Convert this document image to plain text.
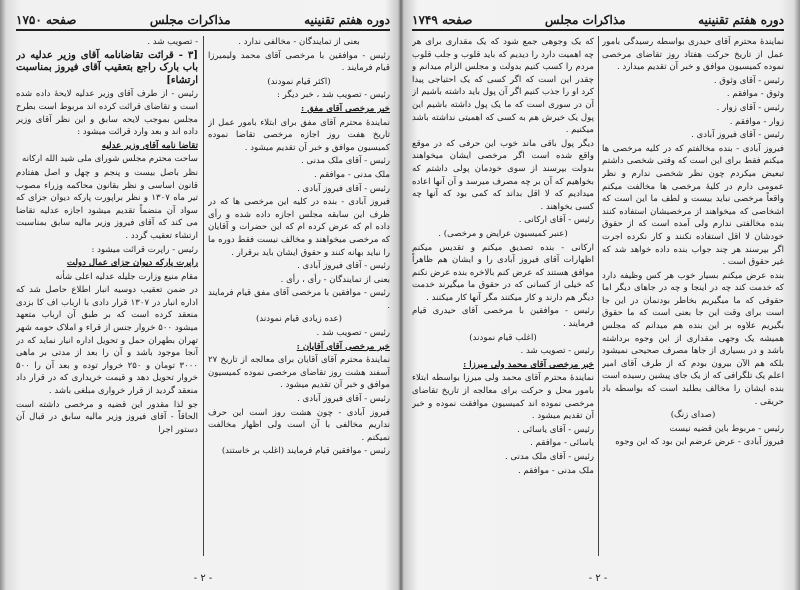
دوره هفتم تقنينيه
مذاکرات مجلس
صفحه ۱۷۵۰

بعنی از تمایندگان - مخالفی ندارد .

رئیس - موافقین با مرخصی آقای محمد ولیمیرزا قیام فرمایند .

(اکثر قیام نمودند)

رئیس - تصویب شد ، خبر دیگر :

خبر مرخصی آقای مفق :

نمایندهٔ محترم آقای مفق برای ابتلاء بامور عمل از تاریخ هفت روز اجازه مرخصی تقاضا نموده کمیسیون موافق و خبر آن تقدیم میشود .

رئیس - آقای ملک مدنی .

ملک مدنی - موافقم .

رئیس - آقای فیروز آبادی .

فیروز آبادی - بنده در کلیه این مرخصی ها که در ظرف این سابقه مجلس اجازه داده شده و رأی داده ام که عرض کرده ام که این حضرات و آقایان که مرخصی میخواهند و مخالف نیست فقط دوره ما را نباید بهانه کنند و حقوق ایشان باید برقرار .

رئیس - آقای فیروز آبادی .

بعنی از تمایندگان - رأی ، رأی .

رئیس - موافقین با مرخصی آقای مفق قیام فرمایند .

(عده زیادی قیام نمودند)

رئیس - تصویب شد .

خبر مرخصی آقای آقایان :

نمایندهٔ محترم آقای آقایان برای معالجه از تاریخ ۲۷ آسفند هشت روز تقاضای مرخصی نموده کمیسیون موافق و خبر آن تقدیم میشود .

رئیس - آقای فیروز آبادی .

فیروز آبادی - چون هشت روز است این حرف نداریم مخالفی با آن است ولی اظهار مخالفت نمیکنم .

رئیس - موافقین قیام فرمایند (اغلب بر خاستند)

- تصویب شد .

[۳ - قرائت تقاضانامه آقای وزیر عدلیه در باب بارک راجع بتعقیب آقای فیروز بمناسبت ارتشاء]

رئیس - از طرف آقای وزیر عدلیه لایحهٔ داده شده است و تقاضای قرائت کرده اند مربوط است بطرح مجلس بموجب لایحه سابق و این نظر آقای وزیر داده اند و بعد وارد قرائت میشود :

تقاضا نامه آقای وزیر عدلیه

ساحت محترم مجلس شورای ملی شید الله ارکانه

نظر باصل بیست و پنجم و چهل و اصل هفتادم قانون اساسی و نظر بقانون محاکمه وزراء مصوب تیر ماه ۱۳۰۷ و نظر براپورت پارکه دیوان جزای که سواد آن منضماً تقدیم میشود اجازه عدلیه تقاضا می کند که آقای فیروز وزیر مالیه سابق بمناسبت ارتشاء تعقیب گردد .

رئیس - راپرت قرائت میشود :

راپرت پارکه دیوان جزای عمال دولت

مقام منیع وزارت جلیله عدلیه اعلی شأنه

در ضمن تعقیب دوسیه انبار اطلاع حاصل شد که اداره انبار در ۱۳۰۷ قرار دادی با ارباب اف کا بزدی منعقد کرده است که بر طبق آن ارباب متعهد میشود ۵۰۰ خروار جنس از قراء و املاک حومه شهر تهران بطهران حمل و تحویل اداره انبار نماید که در آنجا موجود باشد و آن را بعد از مدتی بر ماهی ۳۰۰۰ تومان و ۲۵۰ خروار توده و بعد آن را ۵۰۰ خروار تحویل دهد و قیمت خریداری که در قرار داد منعقد گردید از قرار خرواری مبلغی باشد .

جو لذا مقدور این قضیه و مرخصی داشته است الحاقاً - آقای فیروز وزیر مالیه سابق در قبال آن دستور اجرا

- ٢ -
دوره هفتم تقنينيه
مذاکرات مجلس
صفحه ۱۷۴۹

نمایندهٔ محترم آقای حیدری بواسطه رسیدگی بامور عمل از تاریخ حرکت هفتاد روز تقاضای مرخصی نموده کمیسیون موافق و خبر آن تقدیم میدارد .

رئیس - آقای وثوق .

وثوق - موافقم .

رئیس - آقای زوار .

زوار - موافقم .

رئیس - آقای فیروز آبادی .

فیروز آبادی - بنده مخالفتم که در کلیه مرخصی ها میکنم فقط برای این است که وقتی شخصی داشتم تبعیض میکردم چون نظر شخصی ندارم و نظر عمومی دارم در کلیهٔ مرخصی ها مخالفت میکنم واقعاً مرخصی نباید بیست و لطف ما این است که اشخاصی که میخواهند از مرخصیشان استفاده کنند بنده مخالفتی ندارم ولی آمده است که از حقوق خودشان لا اقل استفاده نکنند و کار نکرده اجرت اگر بپرسند هر چند جواب بنده داده خواهد شد که غیر حقوق است .

بنده عرض میکنم بسیار خوب هر کس وظیفه دارد که خدمت کند چه در اینجا و چه در جاهای دیگر اما حقوقی که ما میگیریم بخاطر بودنمان در این جا است برای وقت این جا بعنی است که ما حقوق بگیریم علاوه بر این بنده هم میدانم که مجلس همیشه یک وجهی مقداری از این وجوه برداشته باشد و در بسیاری از جاها مصرف صحیحی نمیشود بلکه هم الآن بیرون بودم که از طرف آقای امیر اعلم یک تلگرافی که از یک جای پیشین رسیده است بنده ایشان را مخالف بطلبد است که بواسطه باد حریقی .

(صدای زنگ)

رئیس - مربوط باین قضیه نیست

فیروز آبادی - عرض عرضم این بود که این وجوه

که یک وجوهی جمع شود که یک مقداری برای هر چه اهمیت دارد را دیدیم که باید قلوب و جلب قلوب مردم را کسب کنیم بدولت و مجلس الزام میدانم و چقدر این است که اگر کسی که یک احتیاجی پیدا کرد او را جذب کنیم اگر آن پول باید داشته باشیم از آن در سوری است که ما یک پول داشته باشیم این پول یک خیرش هم به کسی که اهمیتی نداشته باشد میکنیم .

دیگر پول باقی ماند خوب این حرفی که در موقع واقع شده است اگر مرخصی ایشان میخواهند بدولت بپرسند از سوی خودمان پولی داشتم که بخواهیم که آن بر چه مصرف میرسد و آن آنها اعاده میدادیم که لا اقل بداند که کمی بود که آنها چه کسی بخواهند .

رئیس - آقای ارکانی .

(عنبر کمیسیون عرایض و مرخصی) .

ارکانی - بنده تصدیق میکنم و تقدیس میکنم اظهارات آقای فیروز آبادی را و ایشان هم ظاهراً موافق هستند که عرض کنم بالاخره بنده عرض نکنم که خیلی از کسانی که در حقوق ما میگیرند خدمت دیگر هم دارند و کار میکنند مگر آنها کار میکنند .

رئیس - موافقین با مرخصی آقای حیدری قیام فرمایند .

(اغلب قیام نمودند)

رئیس - تصویب شد .

خبر مرخصی آقای محمد ولی میرزا :

نمایندهٔ محترم آقای محمد ولی میرزا بواسطه ابتلاء بامور محل و حرکت برای معالجه از تاریخ تقاضای مرخصی نموده اند کمیسیون موافقت نموده و خبر آن تقدیم میشود .

رئیس - آقای یاسائی .

یاسائی - موافقم .

رئیس - آقای ملک مدنی .

ملک مدنی - موافقم .

- ٢ -
